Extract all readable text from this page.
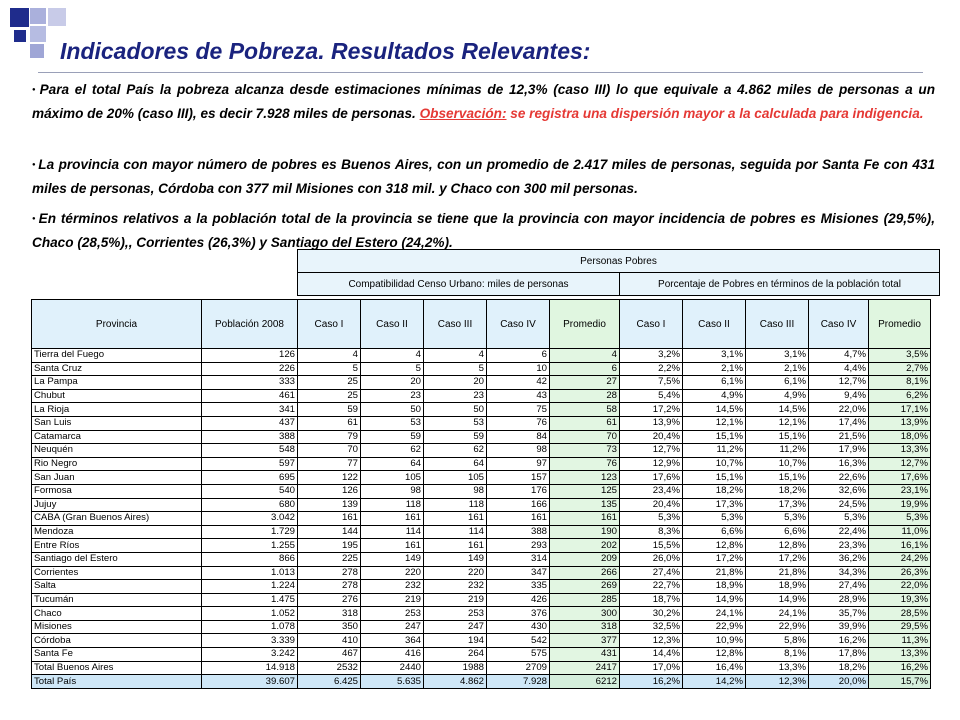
Indicadores de Pobreza. Resultados Relevantes:
● Para el total País la pobreza alcanza desde estimaciones mínimas de 12,3% (caso III) lo que equivale a 4.862 miles de personas a un máximo de 20% (caso III), es decir 7.928 miles de personas. Observación: se registra una dispersión mayor a la calculada para indigencia.
● La provincia con mayor número de pobres es Buenos Aires, con un promedio de 2.417 miles de personas, seguida por Santa Fe con 431 miles de personas, Córdoba con 377 mil Misiones con 318 mil. y Chaco con 300 mil personas.
● En términos relativos a la población total de la provincia se tiene que la provincia con mayor incidencia de pobres es Misiones (29,5%), Chaco (28,5%),, Corrientes (26,3%) y Santiago del Estero (24,2%).
Personas Pobres
Compatibilidad Censo Urbano: miles de personas	Porcentaje de Pobres en términos de la población total
Provincia	Población 2008	Caso I	Caso II	Caso III	Caso IV	Promedio	Caso I	Caso II	Caso III	Caso IV	Promedio
Tierra del Fuego	126	4	4	4	6	4	3,2%	3,1%	3,1%	4,7%	3,5%
Santa Cruz	226	5	5	5	10	6	2,2%	2,1%	2,1%	4,4%	2,7%
La Pampa	333	25	20	20	42	27	7,5%	6,1%	6,1%	12,7%	8,1%
Chubut	461	25	23	23	43	28	5,4%	4,9%	4,9%	9,4%	6,2%
La Rioja	341	59	50	50	75	58	17,2%	14,5%	14,5%	22,0%	17,1%
San Luis	437	61	53	53	76	61	13,9%	12,1%	12,1%	17,4%	13,9%
Catamarca	388	79	59	59	84	70	20,4%	15,1%	15,1%	21,5%	18,0%
Neuquén	548	70	62	62	98	73	12,7%	11,2%	11,2%	17,9%	13,3%
Rio Negro	597	77	64	64	97	76	12,9%	10,7%	10,7%	16,3%	12,7%
San Juan	695	122	105	105	157	123	17,6%	15,1%	15,1%	22,6%	17,6%
Formosa	540	126	98	98	176	125	23,4%	18,2%	18,2%	32,6%	23,1%
Jujuy	680	139	118	118	166	135	20,4%	17,3%	17,3%	24,5%	19,9%
CABA (Gran Buenos Aires)	3.042	161	161	161	161	161	5,3%	5,3%	5,3%	5,3%	5,3%
Mendoza	1.729	144	114	114	388	190	8,3%	6,6%	6,6%	22,4%	11,0%
Entre Ríos	1.255	195	161	161	293	202	15,5%	12,8%	12,8%	23,3%	16,1%
Santiago del Estero	866	225	149	149	314	209	26,0%	17,2%	17,2%	36,2%	24,2%
Corrientes	1.013	278	220	220	347	266	27,4%	21,8%	21,8%	34,3%	26,3%
Salta	1.224	278	232	232	335	269	22,7%	18,9%	18,9%	27,4%	22,0%
Tucumán	1.475	276	219	219	426	285	18,7%	14,9%	14,9%	28,9%	19,3%
Chaco	1.052	318	253	253	376	300	30,2%	24,1%	24,1%	35,7%	28,5%
Misiones	1.078	350	247	247	430	318	32,5%	22,9%	22,9%	39,9%	29,5%
Córdoba	3.339	410	364	194	542	377	12,3%	10,9%	5,8%	16,2%	11,3%
Santa Fe	3.242	467	416	264	575	431	14,4%	12,8%	8,1%	17,8%	13,3%
Total Buenos Aires	14.918	2532	2440	1988	2709	2417	17,0%	16,4%	13,3%	18,2%	16,2%
Total País	39.607	6.425	5.635	4.862	7.928	6212	16,2%	14,2%	12,3%	20,0%	15,7%
